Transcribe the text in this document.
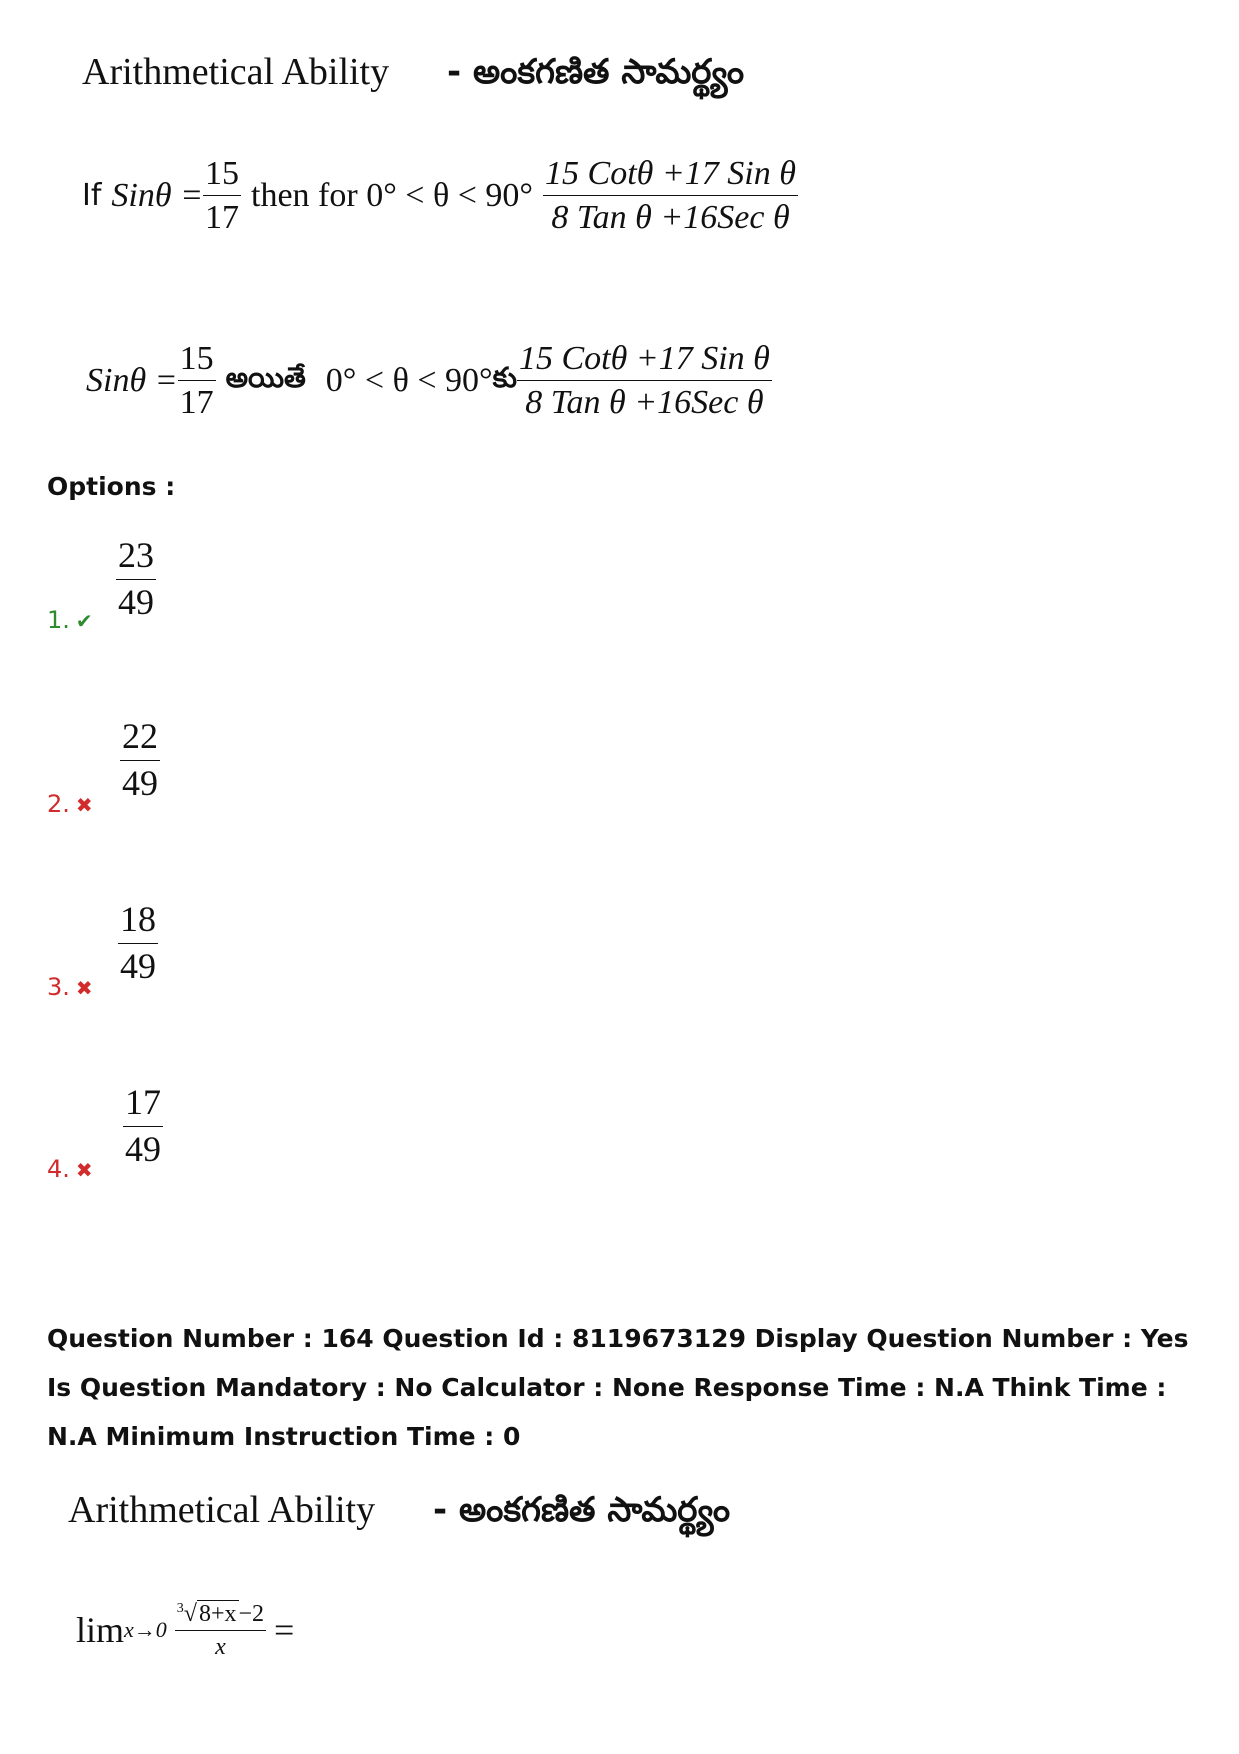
Arithmetical Ability - అంకగణిత సామర్థ్యం
If $Sin\theta = \frac{15}{17}$ then for $0^\circ < \theta < 90^\circ \frac{\text{15 Cotθ +17 Sin θ}}{\text{8 Tan θ +16Sec θ}}$
$Sin\theta = \frac{15}{17}$ అయితే 0° < θ < 90° కు $\frac{\text{15 Cotθ +17 Sin θ}}{\text{8 Tan θ +16Sec θ}}$
Options :
1. ✔ $\frac{23}{49}$
2. ✖
$\frac{22}{49}$
3. ✖
$\frac{18}{49}$
4. ✖
$\frac{17}{49}$
Question Number : 164 Question Id : 8119673129 Display Question Number : Yes Is Question Mandatory : No Calculator : None Response Time : N.A Think Time : N.A Minimum Instruction Time : 0
Arithmetical Ability - అంకగణిత సామర్థ్యం
$\lim x\to 0 \frac{^3√8+x-2}{x}$ =
